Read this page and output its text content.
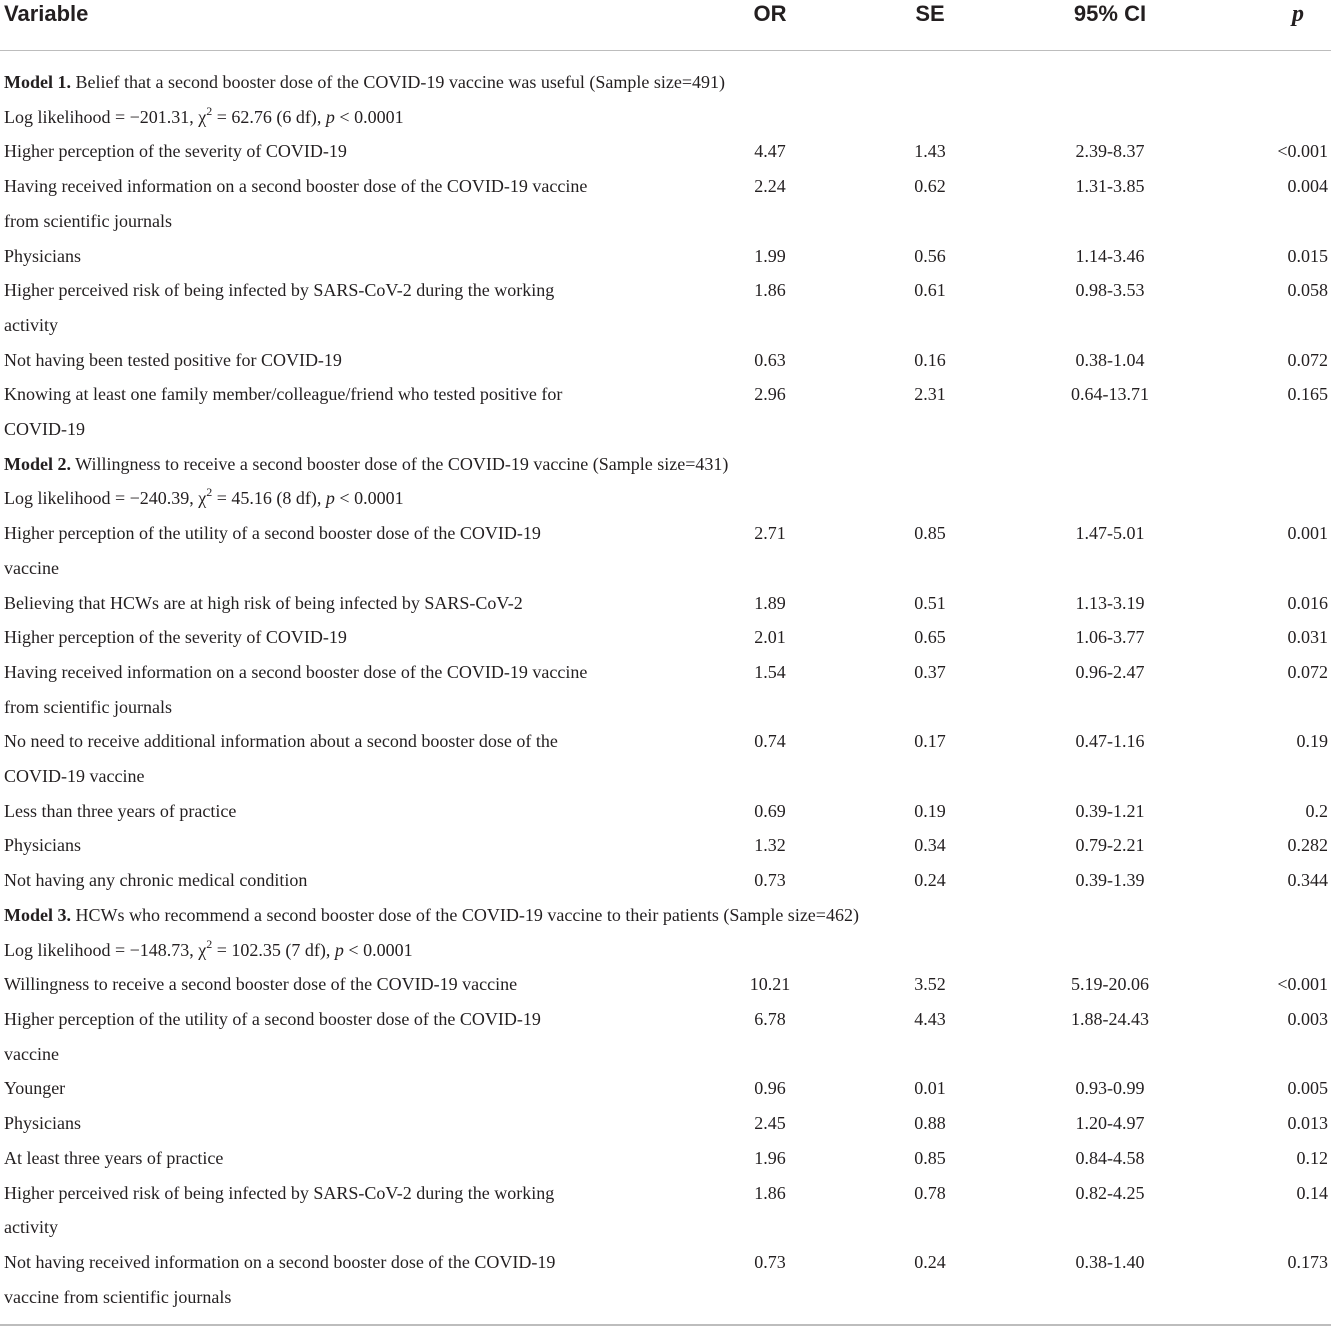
Variable	OR	SE	95% CI	p

Model 1. Belief that a second booster dose of the COVID-19 vaccine was useful (Sample size=491)				
Log likelihood = −201.31, $\chi^2 = 62.76$ (6 df), p < 0.0001				

Higher perception of the severity of COVID-19	4.47	1.43	2.39-8.37	<0.001

Having received information on a second booster dose of the COVID-19 vaccine
from scientific journals	2.24	0.62	1.31-3.85	0.004

Physicians	1.99	0.56	1.14-3.46	0.015

Higher perceived risk of being infected by SARS-CoV-2 during the working
activity	1.86	0.61	0.98-3.53	0.058

Not having been tested positive for COVID-19	0.63	0.16	0.38-1.04	0.072

Knowing at least one family member/colleague/friend who tested positive for
COVID-19	2.96	2.31	0.64-13.71	0.165
Model 2. Willingness to receive a second booster dose of the COVID-19 vaccine (Sample size=431)				
Log likelihood = −240.39, $\chi^2 = 45.16$ (8 df), p < 0.0001				

Higher perception of the utility of a second booster dose of the COVID-19
vaccine	2.71	0.85	1.47-5.01	0.001

Believing that HCWs are at high risk of being infected by SARS-CoV-2	1.89	0.51	1.13-3.19	0.016

Higher perception of the severity of COVID-19	2.01	0.65	1.06-3.77	0.031

Having received information on a second booster dose of the COVID-19 vaccine
from scientific journals	1.54	0.37	0.96-2.47	0.072

No need to receive additional information about a second booster dose of the
COVID-19 vaccine	0.74	0.17	0.47-1.16	0.19

Less than three years of practice	0.69	0.19	0.39-1.21	0.2

Physicians	1.32	0.34	0.79-2.21	0.282

Not having any chronic medical condition	0.73	0.24	0.39-1.39	0.344
Model 3. HCWs who recommend a second booster dose of the COVID-19 vaccine to their patients (Sample size=462)				
Log likelihood = −148.73, $\chi^2 = 102.35$ (7 df), p < 0.0001				

Willingness to receive a second booster dose of the COVID-19 vaccine	10.21	3.52	5.19-20.06	<0.001

Higher perception of the utility of a second booster dose of the COVID-19
vaccine	6.78	4.43	1.88-24.43	0.003

Younger	0.96	0.01	0.93-0.99	0.005

Physicians	2.45	0.88	1.20-4.97	0.013

At least three years of practice	1.96	0.85	0.84-4.58	0.12

Higher perceived risk of being infected by SARS-CoV-2 during the working
activity	1.86	0.78	0.82-4.25	0.14

Not having received information on a second booster dose of the COVID-19
vaccine from scientific journals	0.73	0.24	0.38-1.40	0.173
